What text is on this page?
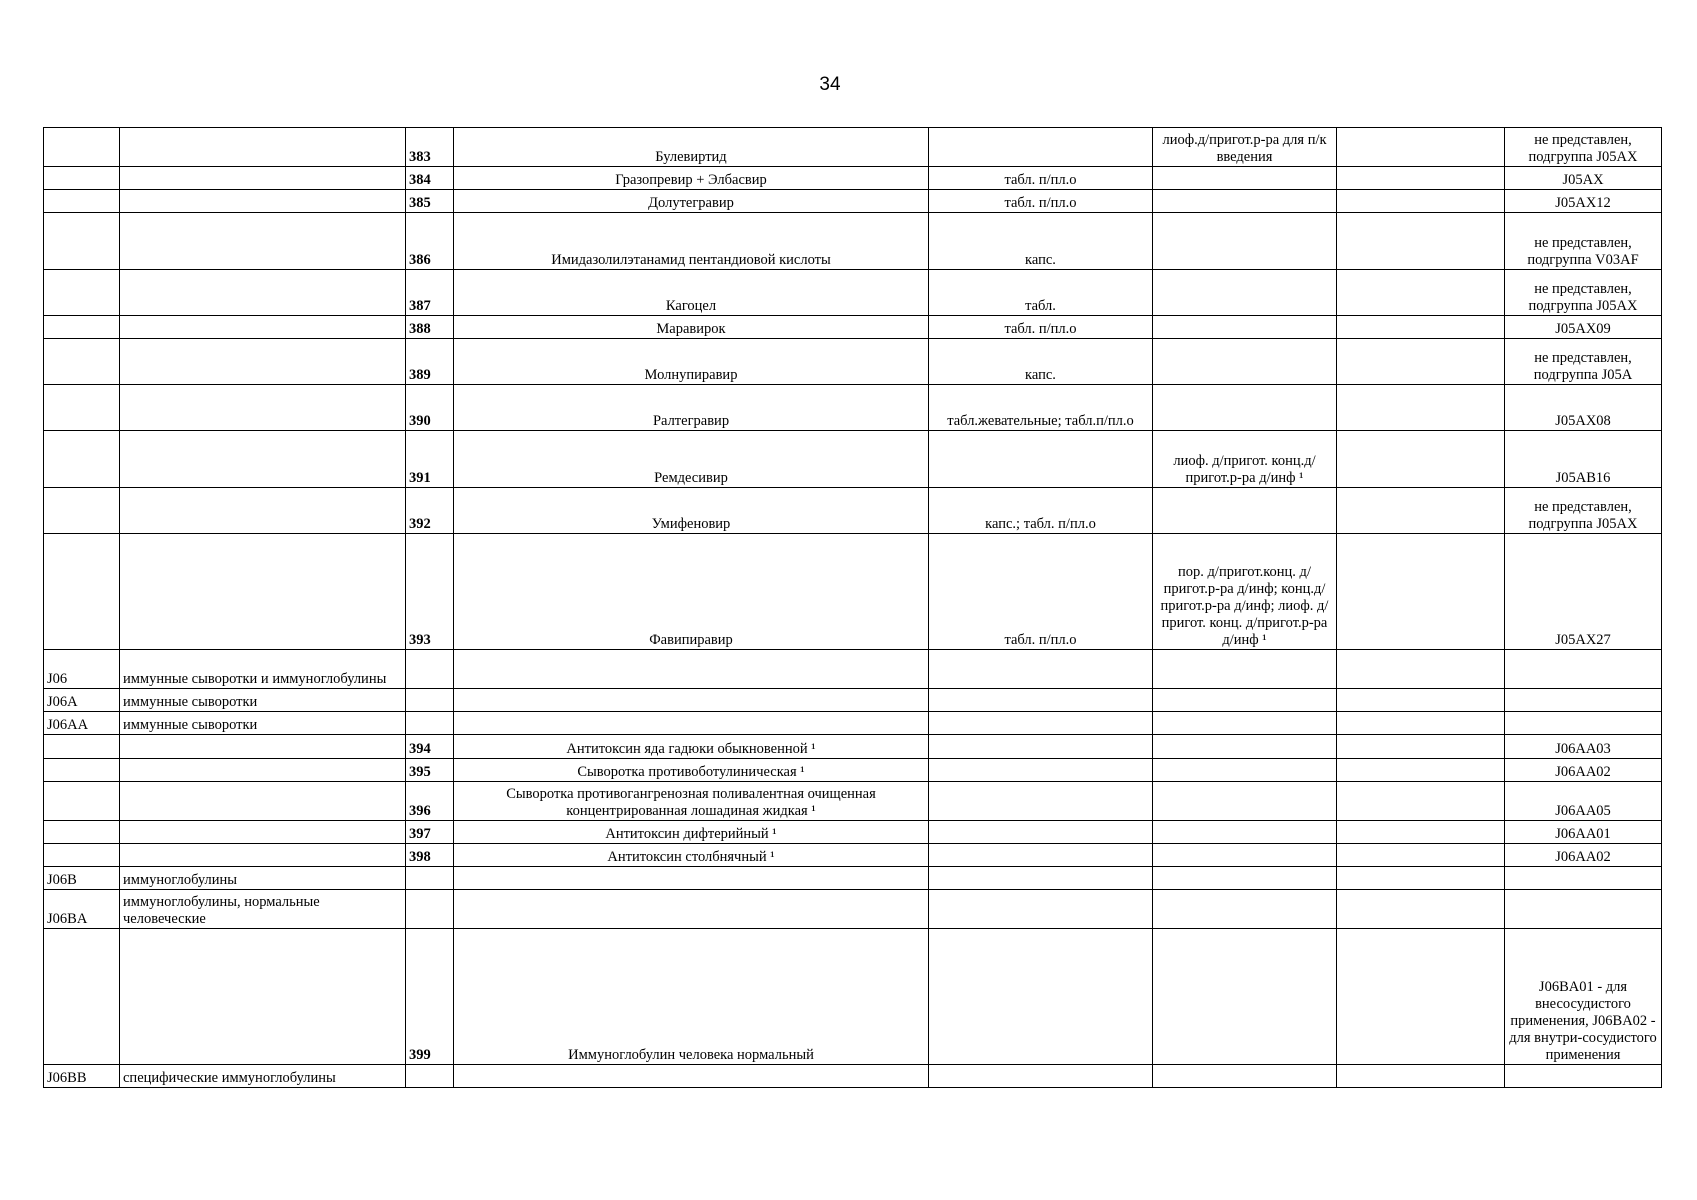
34
		383	Булевиртид		лиоф.д/пригот.р-ра для п/к введения		не представлен, подгруппа J05AX
		384	Гразопревир + Элбасвир	табл. п/пл.о			J05AX
		385	Долутегравир	табл. п/пл.о			J05AX12
		386	Имидазолилэтанамид пентандиовой кислоты	капс.			не представлен, подгруппа V03AF
		387	Кагоцел	табл.			не представлен, подгруппа J05AX
		388	Маравирок	табл. п/пл.о			J05AX09
		389	Молнупиравир	капс.			не представлен, подгруппа J05A
		390	Ралтегравир	табл.жевательные; табл.п/пл.о			J05AX08
		391	Ремдесивир		лиоф. д/пригот. конц.д/пригот.р-ра д/инф ¹		J05AB16
		392	Умифеновир	капс.; табл. п/пл.о			не представлен, подгруппа J05AX
		393	Фавипиравир	табл. п/пл.о	пор. д/пригот.конц. д/пригот.р-ра д/инф; конц.д/пригот.р-ра д/инф; лиоф. д/пригот. конц. д/пригот.р-ра д/инф ¹		J05AX27
J06	иммунные сыворотки и иммуноглобулины						
J06A	иммунные сыворотки						
J06AA	иммунные сыворотки						
		394	Антитоксин яда гадюки обыкновенной ¹				J06AA03
		395	Сыворотка противоботулиническая ¹				J06AA02
		396	Сыворотка противогангренозная поливалентная очищенная концентрированная лошадиная жидкая ¹				J06AA05
		397	Антитоксин дифтерийный ¹				J06AA01
		398	Антитоксин столбнячный ¹				J06AA02
J06B	иммуноглобулины						
J06BA	иммуноглобулины, нормальные человеческие						
		399	Иммуноглобулин человека нормальный				J06BA01 - для внесосудистого применения, J06BA02 - для внутри-сосудистого применения
J06BB	специфические иммуноглобулины						
